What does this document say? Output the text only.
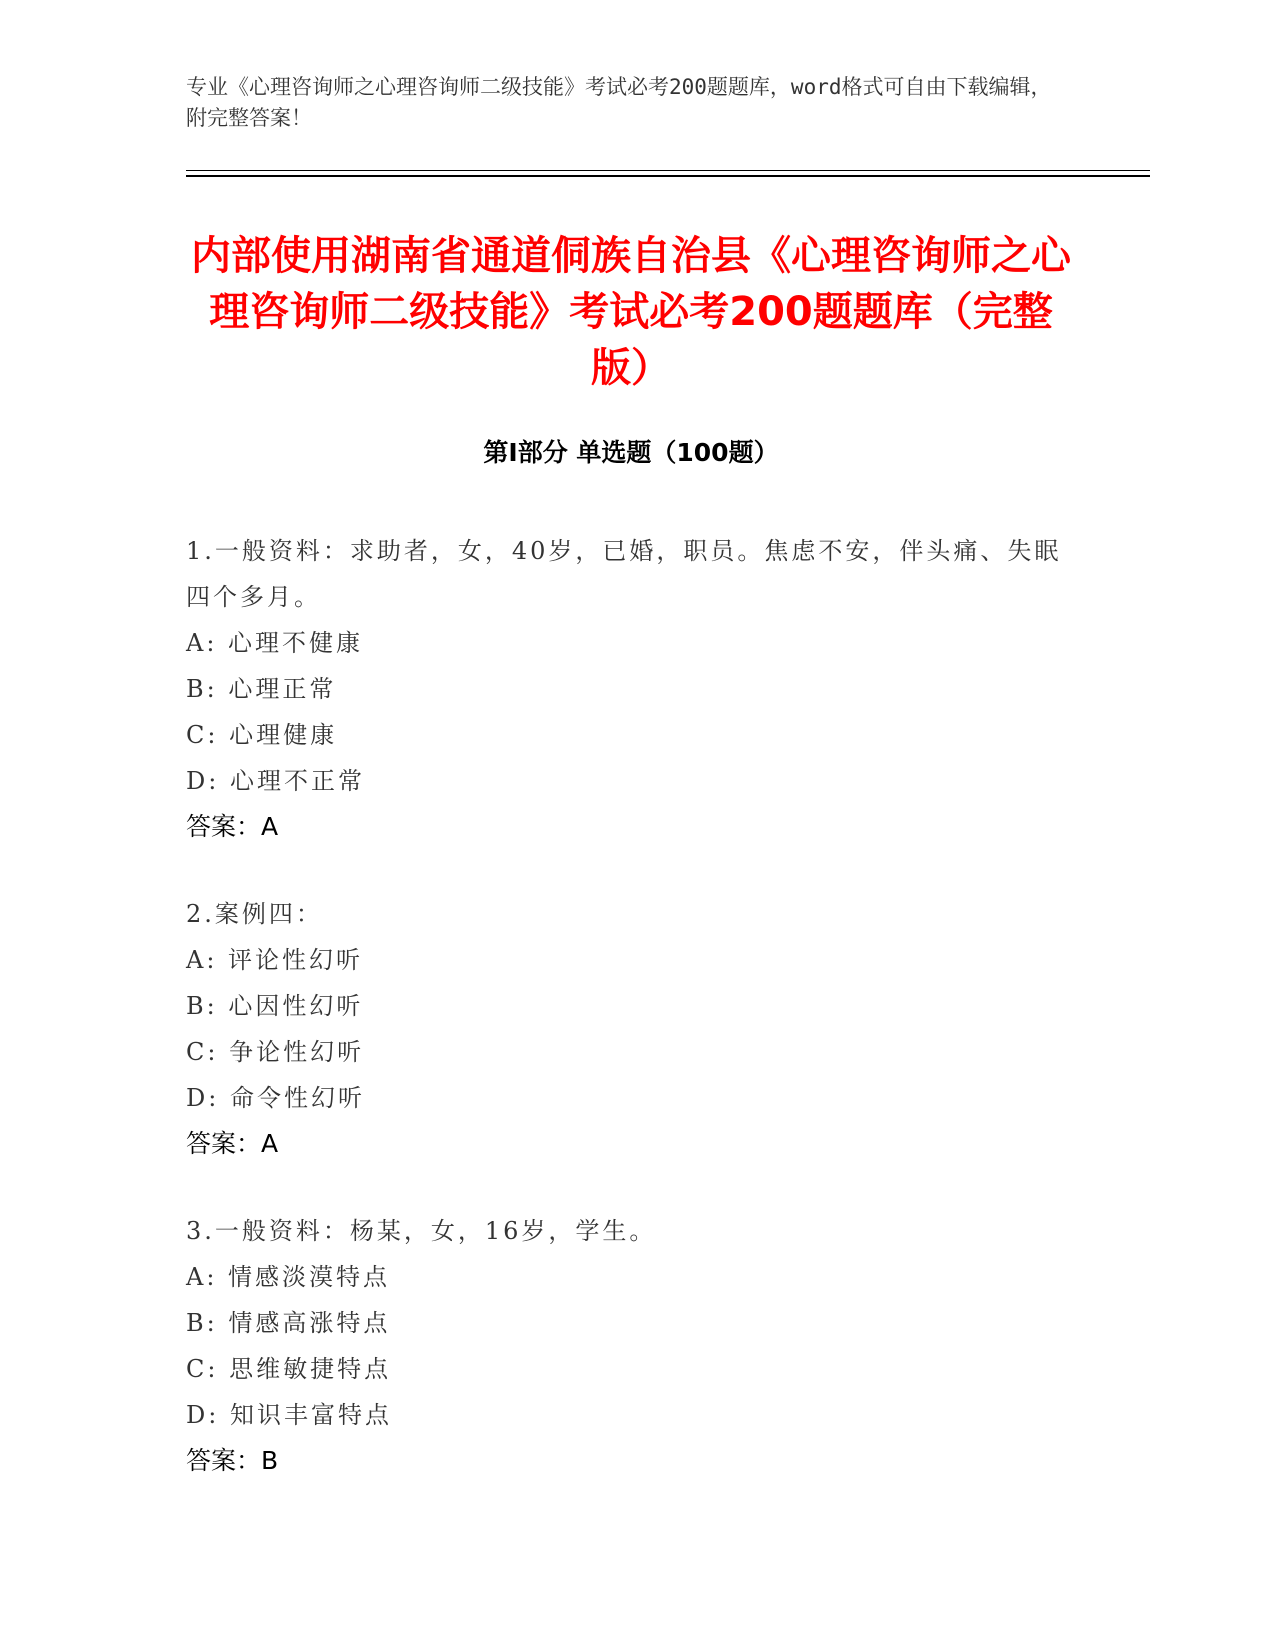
专业《心理咨询师之心理咨询师二级技能》考试必考200题题库，word格式可自由下载编辑，附完整答案！
内部使用湖南省通道侗族自治县《心理咨询师之心理咨询师二级技能》考试必考200题题库（完整版）
第Ⅰ部分 单选题（100题）
1.一般资料：求助者，女，40岁，已婚，职员。焦虑不安，伴头痛、失眠四个多月。
A: 心理不健康
B: 心理正常
C: 心理健康
D: 心理不正常
答案：A
2.案例四：
A: 评论性幻听
B: 心因性幻听
C: 争论性幻听
D: 命令性幻听
答案：A
3.一般资料：杨某，女，16岁，学生。
A: 情感淡漠特点
B: 情感高涨特点
C: 思维敏捷特点
D: 知识丰富特点
答案：B
